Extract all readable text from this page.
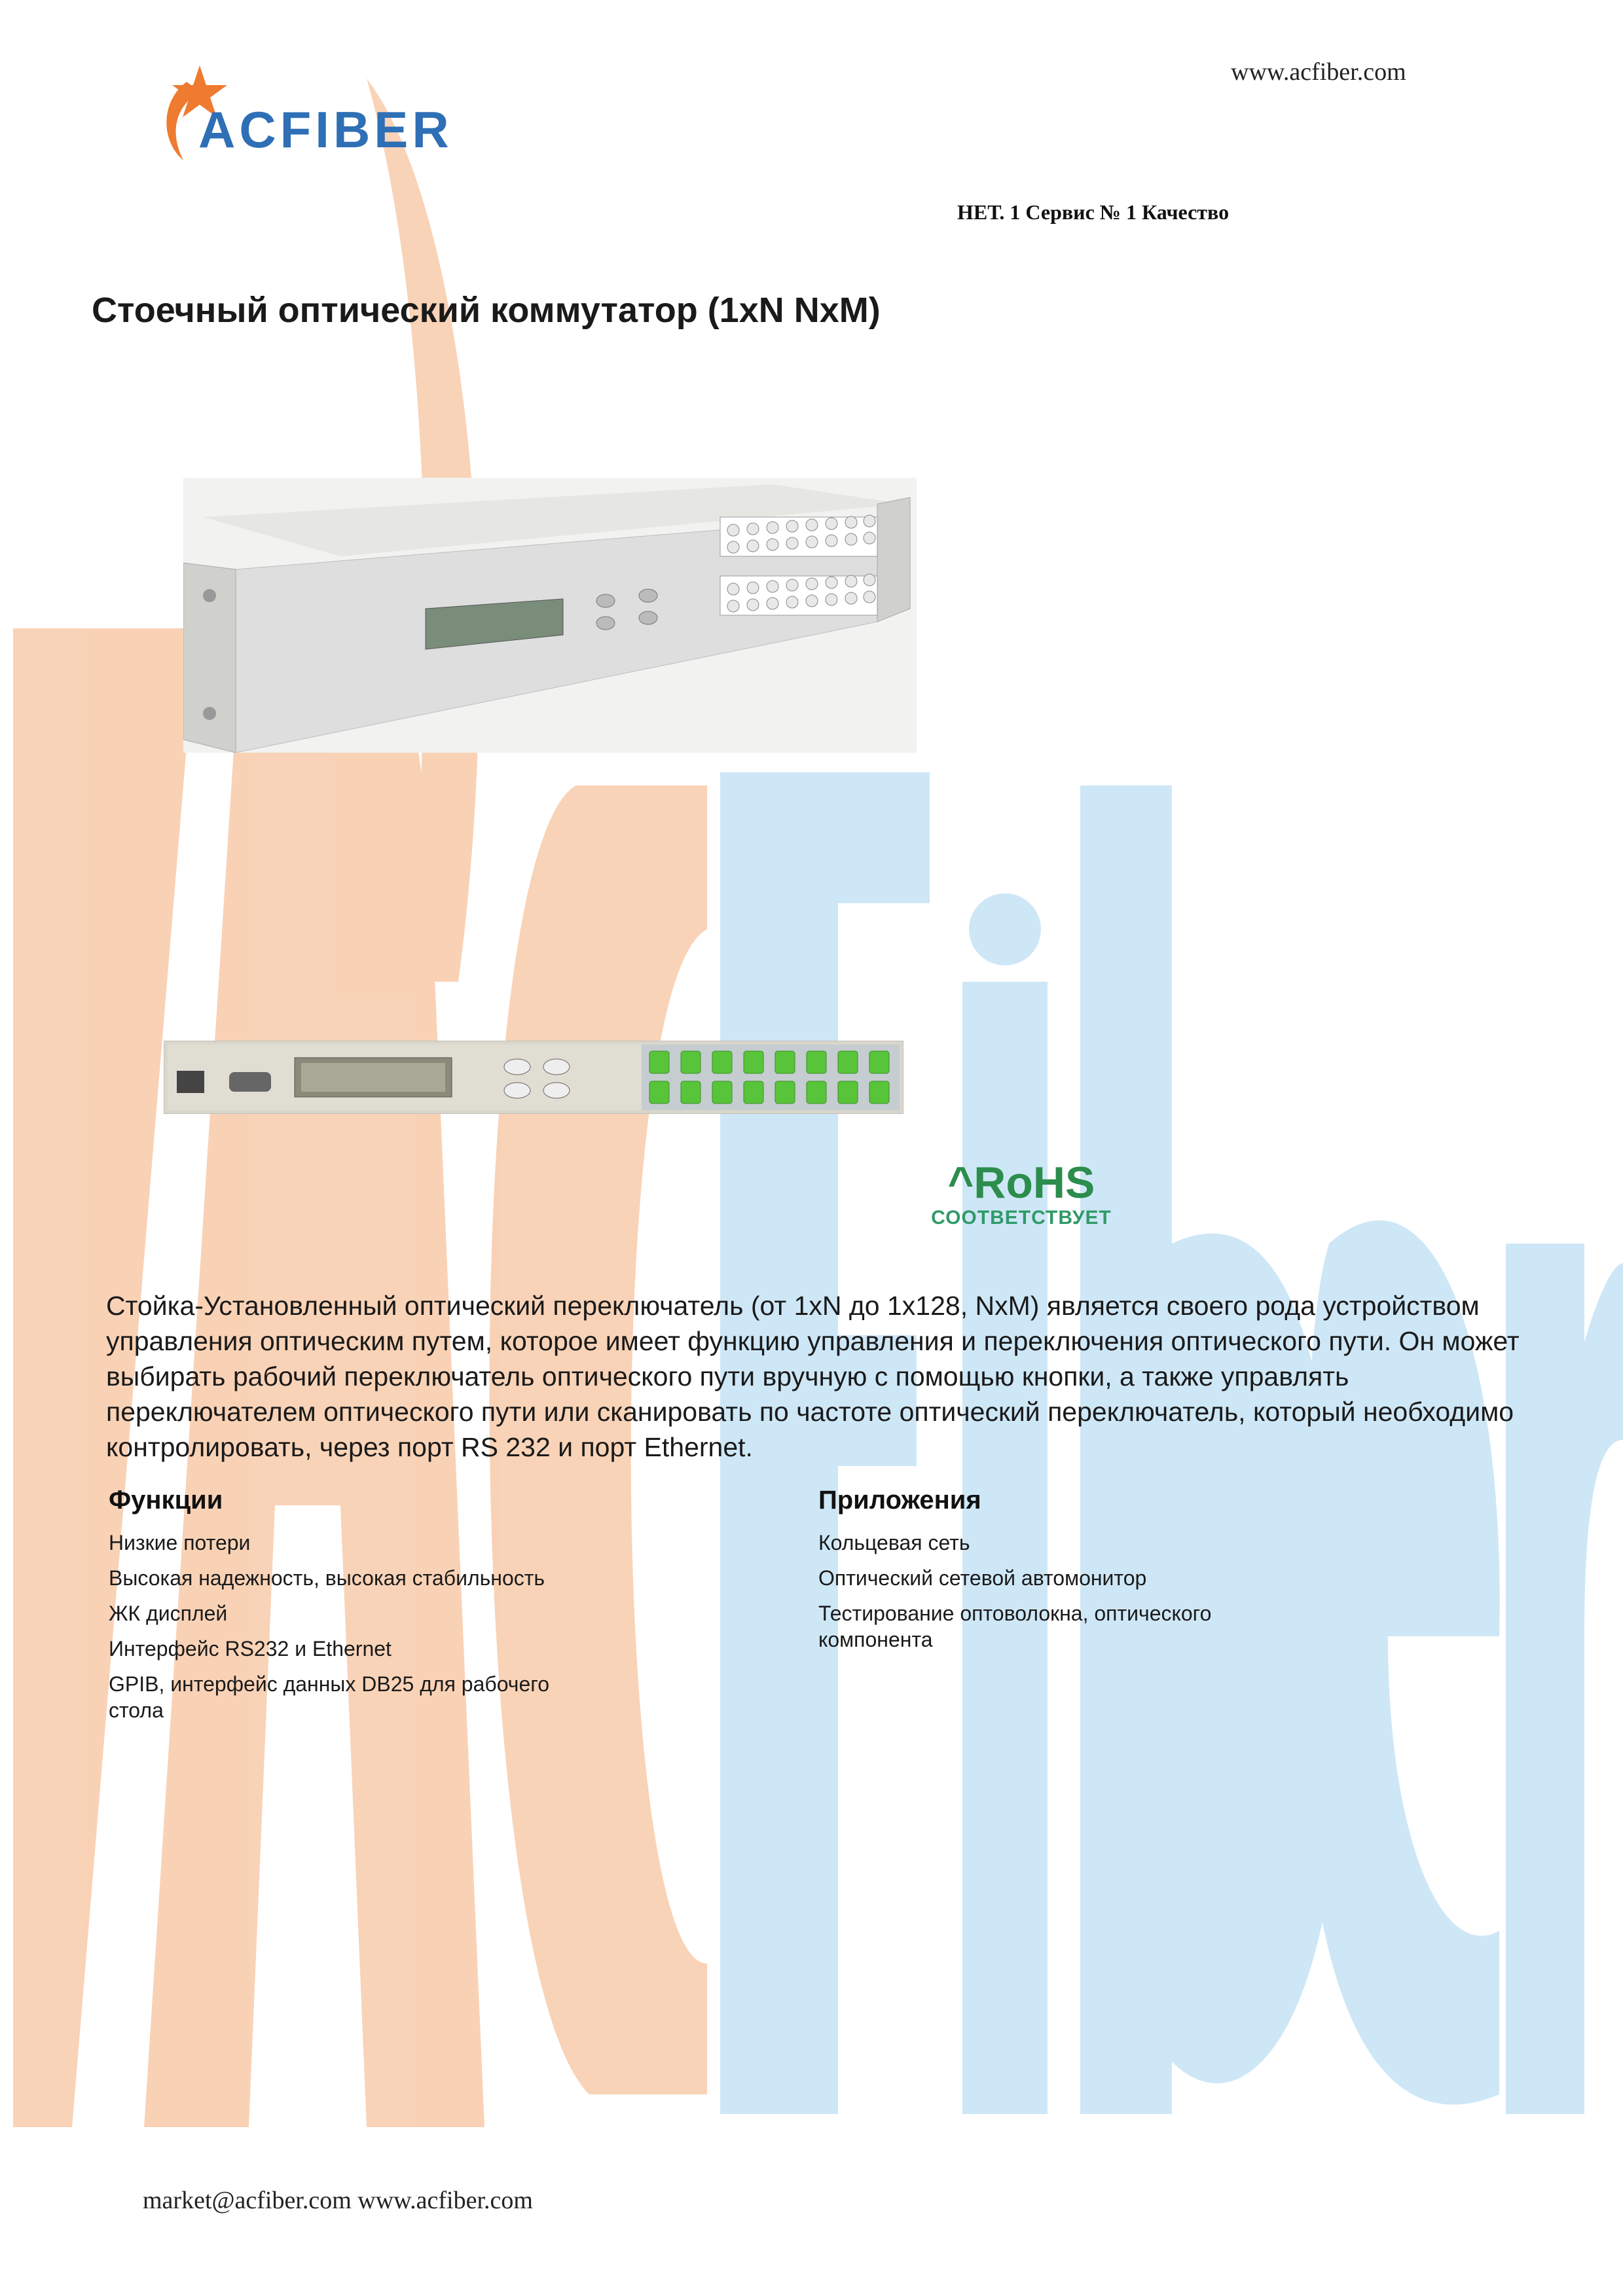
www.acfiber.com
ACFIBER
НЕТ. 1 Сервис № 1 Качество
Стоечный оптический коммутатор (1xN NxM)
^RoHS
СООТВЕТСТВУЕТ
Стойка-Установленный оптический переключатель (от 1xN до 1x128, NxM) является своего рода устройством управления оптическим путем, которое имеет функцию управления и переключения оптического пути. Он может выбирать рабочий переключатель оптического пути вручную с помощью кнопки, а также управлять переключателем оптического пути или сканировать по частоте оптический переключатель, который необходимо контролировать, через порт RS 232 и порт Ethernet.
Функции
Низкие потери
Высокая надежность, высокая стабильность
ЖК дисплей
Интерфейс RS232 и Ethernet
GPIB, интерфейс данных DB25 для рабочего стола
Приложения
Кольцевая сеть
Оптический сетевой автомонитор
Тестирование оптоволокна, оптического компонента
market@acfiber.com www.acfiber.com
